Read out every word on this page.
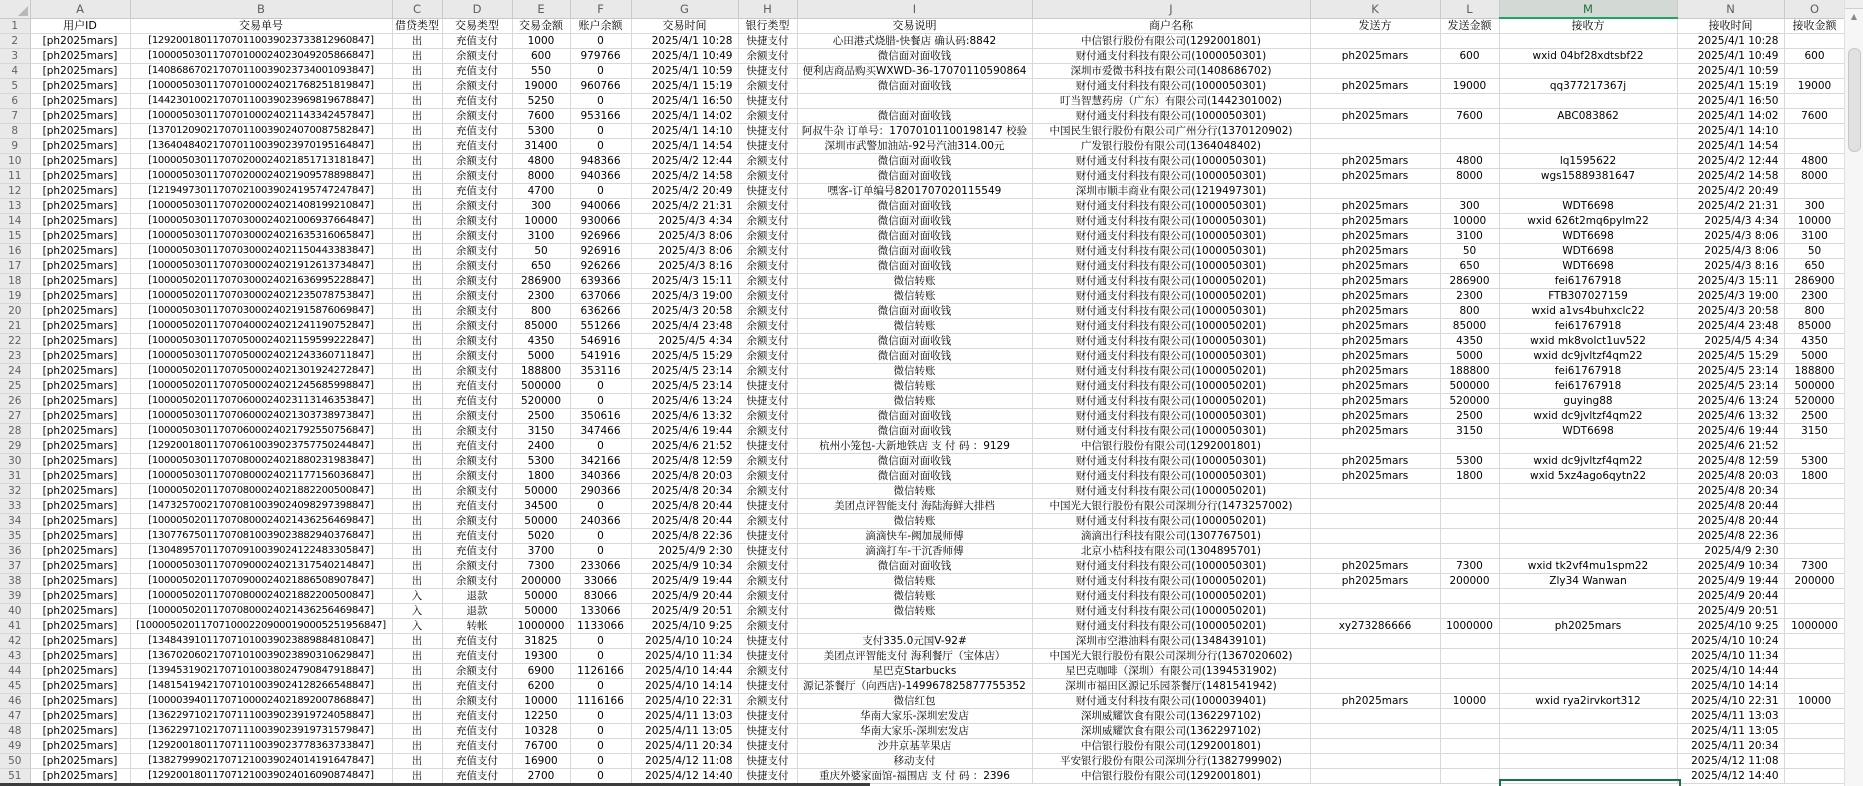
	A	B	C	D	E	F	G	H	I	J	K	L	M	N	O
1	用户ID	交易单号	借贷类型	交易类型	交易金额	账户余额	交易时间	银行类型	交易说明	商户名称	发送方	发送金额	接收方	接收时间	接收金额
2	[ph2025mars]	[129200180117070110039023733812960847]	出	充值支付	1000	0	2025/4/1 10:28	快捷支付	心田港式烧腊-快餐店 确认码:8842	中信银行股份有限公司(1292001801)				2025/4/1 10:28	
3	[ph2025mars]	[100005030117070100024023049205866847]	出	余额支付	600	979766	2025/4/1 10:49	余额支付	微信面对面收钱	财付通支付科技有限公司(1000050301)	ph2025mars	600	wxid 04bf28xdtsbf22	2025/4/1 10:49	600
4	[ph2025mars]	[140868670217070110039023734001093847]	出	充值支付	550	0	2025/4/1 10:59	快捷支付	便利店商品购买WXWD-36-17070110590864	深圳市爱微书科技有限公司(1408686702)				2025/4/1 10:59	
5	[ph2025mars]	[100005030117070100024021768251819847]	出	余额支付	19000	960766	2025/4/1 15:19	余额支付	微信面对面收钱	财付通支付科技有限公司(1000050301)	ph2025mars	19000	qq377217367j	2025/4/1 15:19	19000
6	[ph2025mars]	[144230100217070110039023969819678847]	出	充值支付	5250	0	2025/4/1 16:50	快捷支付		叮当智慧药房（广东）有限公司(1442301002)				2025/4/1 16:50	
7	[ph2025mars]	[100005030117070100024021143342457847]	出	余额支付	7600	953166	2025/4/1 14:02	余额支付	微信面对面收钱	财付通支付科技有限公司(1000050301)	ph2025mars	7600	ABC083862	2025/4/1 14:02	7600
8	[ph2025mars]	[137012090217070110039024070087582847]	出	充值支付	5300	0	2025/4/1 14:10	快捷支付	阿叔牛杂 订单号：17070101100198147 校验	中国民生银行股份有限公司广州分行(1370120902)				2025/4/1 14:10	
9	[ph2025mars]	[136404840217070110039023970195164847]	出	充值支付	31400	0	2025/4/1 14:54	快捷支付	深圳市武警加油站-92号汽油314.00元	广发银行股份有限公司(1364048402)				2025/4/1 14:54	
10	[ph2025mars]	[100005030117070200024021851713181847]	出	余额支付	4800	948366	2025/4/2 12:44	余额支付	微信面对面收钱	财付通支付科技有限公司(1000050301)	ph2025mars	4800	lq1595622	2025/4/2 12:44	4800
11	[ph2025mars]	[100005030117070200024021909578898847]	出	余额支付	8000	940366	2025/4/2 14:58	余额支付	微信面对面收钱	财付通支付科技有限公司(1000050301)	ph2025mars	8000	wgs15889381647	2025/4/2 14:58	8000
12	[ph2025mars]	[121949730117070210039024195747247847]	出	充值支付	4700	0	2025/4/2 20:49	快捷支付	嘿客-订单编号8201707020115549	深圳市顺丰商业有限公司(1219497301)				2025/4/2 20:49	
13	[ph2025mars]	[100005030117070200024021408199210847]	出	余额支付	300	940066	2025/4/2 21:31	余额支付	微信面对面收钱	财付通支付科技有限公司(1000050301)	ph2025mars	300	WDT6698	2025/4/2 21:31	300
14	[ph2025mars]	[100005030117070300024021006937664847]	出	余额支付	10000	930066	2025/4/3 4:34	余额支付	微信面对面收钱	财付通支付科技有限公司(1000050301)	ph2025mars	10000	wxid 626t2mq6pylm22	2025/4/3 4:34	10000
15	[ph2025mars]	[100005030117070300024021635316065847]	出	余额支付	3100	926966	2025/4/3 8:06	余额支付	微信面对面收钱	财付通支付科技有限公司(1000050301)	ph2025mars	3100	WDT6698	2025/4/3 8:06	3100
16	[ph2025mars]	[100005030117070300024021150443383847]	出	余额支付	50	926916	2025/4/3 8:06	余额支付	微信面对面收钱	财付通支付科技有限公司(1000050301)	ph2025mars	50	WDT6698	2025/4/3 8:06	50
17	[ph2025mars]	[100005030117070300024021912613734847]	出	余额支付	650	926266	2025/4/3 8:16	余额支付	微信面对面收钱	财付通支付科技有限公司(1000050301)	ph2025mars	650	WDT6698	2025/4/3 8:16	650
18	[ph2025mars]	[100005020117070300024021636995228847]	出	余额支付	286900	639366	2025/4/3 15:11	余额支付	微信转账	财付通支付科技有限公司(1000050201)	ph2025mars	286900	fei61767918	2025/4/3 15:11	286900
19	[ph2025mars]	[100005020117070300024021235078753847]	出	余额支付	2300	637066	2025/4/3 19:00	余额支付	微信转账	财付通支付科技有限公司(1000050201)	ph2025mars	2300	FTB307027159	2025/4/3 19:00	2300
20	[ph2025mars]	[100005030117070300024021915876069847]	出	余额支付	800	636266	2025/4/3 20:58	余额支付	微信面对面收钱	财付通支付科技有限公司(1000050301)	ph2025mars	800	wxid a1vs4buhxclc22	2025/4/3 20:58	800
21	[ph2025mars]	[100005020117070400024021241190752847]	出	余额支付	85000	551266	2025/4/4 23:48	余额支付	微信转账	财付通支付科技有限公司(1000050201)	ph2025mars	85000	fei61767918	2025/4/4 23:48	85000
22	[ph2025mars]	[100005030117070500024021159599222847]	出	余额支付	4350	546916	2025/4/5 4:34	余额支付	微信面对面收钱	财付通支付科技有限公司(1000050301)	ph2025mars	4350	wxid mk8volct1uv522	2025/4/5 4:34	4350
23	[ph2025mars]	[100005030117070500024021243360711847]	出	余额支付	5000	541916	2025/4/5 15:29	余额支付	微信面对面收钱	财付通支付科技有限公司(1000050301)	ph2025mars	5000	wxid dc9jvltzf4qm22	2025/4/5 15:29	5000
24	[ph2025mars]	[100005020117070500024021301924272847]	出	余额支付	188800	353116	2025/4/5 23:14	余额支付	微信转账	财付通支付科技有限公司(1000050201)	ph2025mars	188800	fei61767918	2025/4/5 23:14	188800
25	[ph2025mars]	[100005020117070500024021245685998847]	出	充值支付	500000	0	2025/4/5 23:14	快捷支付	微信转账	财付通支付科技有限公司(1000050201)	ph2025mars	500000	fei61767918	2025/4/5 23:14	500000
26	[ph2025mars]	[100005020117070600024023113146353847]	出	充值支付	520000	0	2025/4/6 13:24	快捷支付	微信转账	财付通支付科技有限公司(1000050201)	ph2025mars	520000	guying88	2025/4/6 13:24	520000
27	[ph2025mars]	[100005030117070600024021303738973847]	出	余额支付	2500	350616	2025/4/6 13:32	余额支付	微信面对面收钱	财付通支付科技有限公司(1000050301)	ph2025mars	2500	wxid dc9jvltzf4qm22	2025/4/6 13:32	2500
28	[ph2025mars]	[100005030117070600024021792550756847]	出	余额支付	3150	347466	2025/4/6 19:44	余额支付	微信面对面收钱	财付通支付科技有限公司(1000050301)	ph2025mars	3150	WDT6698	2025/4/6 19:44	3150
29	[ph2025mars]	[129200180117070610039023757750244847]	出	充值支付	2400	0	2025/4/6 21:52	快捷支付	杭州小笼包-大新地铁店 支 付 码 ：9129	中信银行股份有限公司(1292001801)				2025/4/6 21:52	
30	[ph2025mars]	[100005030117070800024021880231983847]	出	余额支付	5300	342166	2025/4/8 12:59	余额支付	微信面对面收钱	财付通支付科技有限公司(1000050301)	ph2025mars	5300	wxid dc9jvltzf4qm22	2025/4/8 12:59	5300
31	[ph2025mars]	[100005030117070800024021177156036847]	出	余额支付	1800	340366	2025/4/8 20:03	余额支付	微信面对面收钱	财付通支付科技有限公司(1000050301)	ph2025mars	1800	wxid 5xz4ago6qytn22	2025/4/8 20:03	1800
32	[ph2025mars]	[100005020117070800024021882200500847]	出	余额支付	50000	290366	2025/4/8 20:34	余额支付	微信转账	财付通支付科技有限公司(1000050201)				2025/4/8 20:34	
33	[ph2025mars]	[147325700217070810039024098297398847]	出	充值支付	34500	0	2025/4/8 20:44	快捷支付	美团点评智能支付 海陆海鲜大排档	中国光大银行股份有限公司深圳分行(1473257002)				2025/4/8 20:44	
34	[ph2025mars]	[100005020117070800024021436256469847]	出	余额支付	50000	240366	2025/4/8 20:44	余额支付	微信转账	财付通支付科技有限公司(1000050201)				2025/4/8 20:44	
35	[ph2025mars]	[130776750117070810039023882940376847]	出	充值支付	5020	0	2025/4/8 22:36	快捷支付	滴滴快车-阙加晟师傅	滴滴出行科技有限公司(1307767501)				2025/4/8 22:36	
36	[ph2025mars]	[130489570117070910039024122483305847]	出	充值支付	3700	0	2025/4/9 2:30	快捷支付	滴滴打车-干沉香师傅	北京小桔科技有限公司(1304895701)				2025/4/9 2:30	
37	[ph2025mars]	[100005030117070900024021317540214847]	出	余额支付	7300	233066	2025/4/9 10:34	余额支付	微信面对面收钱	财付通支付科技有限公司(1000050301)	ph2025mars	7300	wxid tk2vf4mu1spm22	2025/4/9 10:34	7300
38	[ph2025mars]	[100005020117070900024021886508907847]	出	余额支付	200000	33066	2025/4/9 19:44	余额支付	微信转账	财付通支付科技有限公司(1000050201)	ph2025mars	200000	Zly34 Wanwan	2025/4/9 19:44	200000
39	[ph2025mars]	[100005020117070800024021882200500847]	入	退款	50000	83066	2025/4/9 20:44	余额支付	微信转账	财付通支付科技有限公司(1000050201)				2025/4/9 20:44	
40	[ph2025mars]	[100005020117070800024021436256469847]	入	退款	50000	133066	2025/4/9 20:51	余额支付	微信转账	财付通支付科技有限公司(1000050201)				2025/4/9 20:51	
41	[ph2025mars]	[1000050201170710002209000190005251956847]	入	转帐	1000000	1133066	2025/4/10 9:25	余额支付		财付通支付科技有限公司(1000050201)	xy273286666	1000000	ph2025mars	2025/4/10 9:25	1000000
42	[ph2025mars]	[134843910117071010039023889884810847]	出	充值支付	31825	0	2025/4/10 10:24	快捷支付	支付335.0元国V-92#	深圳市空港油料有限公司(1348439101)				2025/4/10 10:24	
43	[ph2025mars]	[136702060217071010039023890310629847]	出	充值支付	19300	0	2025/4/10 11:34	快捷支付	美团点评智能支付 海利餐厅（宝体店）	中国光大银行股份有限公司深圳分行(1367020602)				2025/4/10 11:34	
44	[ph2025mars]	[139453190217071010038024790847918847]	出	余额支付	6900	1126166	2025/4/10 14:44	余额支付	星巴克Starbucks	星巴克咖啡（深圳）有限公司(1394531902)				2025/4/10 14:44	
45	[ph2025mars]	[148154194217071010039024128266548847]	出	充值支付	6200	0	2025/4/10 14:14	快捷支付	源记茶餐厅（向西店)-149967825877755352	深圳市福田区源记乐园茶餐厅(1481541942)				2025/4/10 14:14	
46	[ph2025mars]	[100003940117071000024021892007868847]	出	余额支付	10000	1116166	2025/4/10 22:31	余额支付	微信红包	财付通支付科技有限公司(1000039401)	ph2025mars	10000	wxid rya2irvkort312	2025/4/10 22:31	10000
47	[ph2025mars]	[136229710217071110039023919724058847]	出	充值支付	12250	0	2025/4/11 13:03	快捷支付	华南大家乐-深圳宏发店	深圳威耀饮食有限公司(1362297102)				2025/4/11 13:03	
48	[ph2025mars]	[136229710217071110039023919731579847]	出	充值支付	10328	0	2025/4/11 13:05	快捷支付	华南大家乐-深圳宏发店	深圳威耀饮食有限公司(1362297102)				2025/4/11 13:05	
49	[ph2025mars]	[129200180117071110039023778363733847]	出	充值支付	76700	0	2025/4/11 20:34	快捷支付	沙井京基苹果店	中信银行股份有限公司(1292001801)				2025/4/11 20:34	
50	[ph2025mars]	[138279990217071210039024014191647847]	出	充值支付	16900	0	2025/4/12 11:08	快捷支付	移动支付	平安银行股份有限公司深圳分行(1382799902)				2025/4/12 11:08	
51	[ph2025mars]	[129200180117071210039024016090874847]	出	充值支付	2700	0	2025/4/12 14:40	快捷支付	重庆外婆家面馆-福围店 支 付 码 ：2396	中信银行股份有限公司(1292001801)				2025/4/12 14:40	
▲
